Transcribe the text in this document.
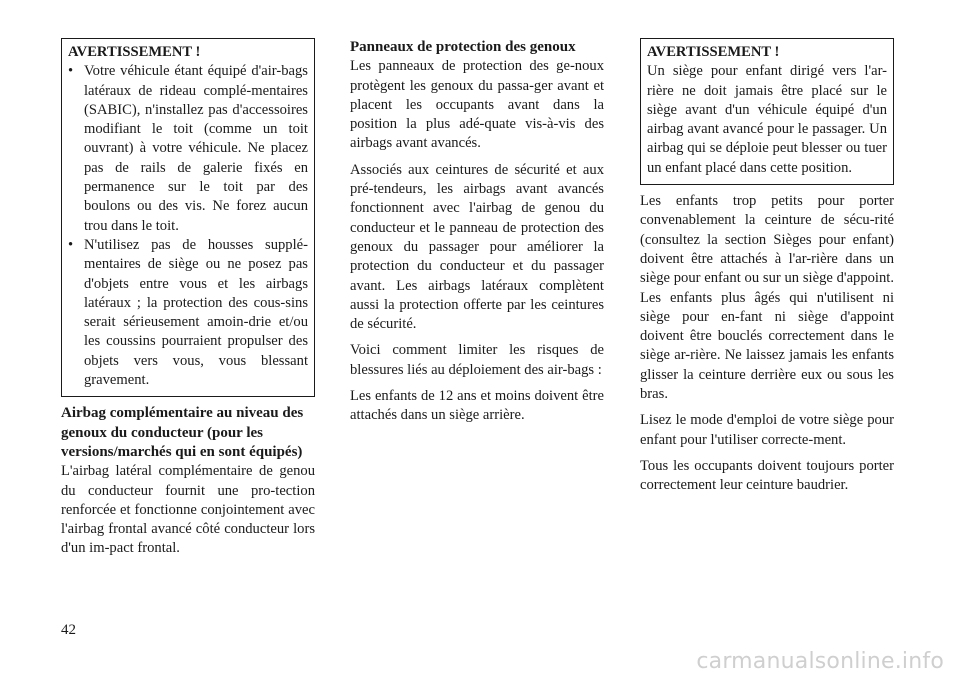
AVERTISSEMENT !
• Votre véhicule étant équipé d'air-bags latéraux de rideau complé-mentaires (SABIC), n'installez pas d'accessoires modifiant le toit (comme un toit ouvrant) à votre véhicule. Ne placez pas de rails de galerie fixés en permanence sur le toit par des boulons ou des vis. Ne forez aucun trou dans le toit.
• N'utilisez pas de housses supplé-mentaires de siège ou ne posez pas d'objets entre vous et les airbags latéraux ; la protection des cous-sins serait sérieusement amoin-drie et/ou les coussins pourraient propulser des objets vers vous, vous blessant gravement.

Airbag complémentaire au niveau des genoux du conducteur (pour les versions/marchés qui en sont équipés)

L'airbag latéral complémentaire de genou du conducteur fournit une pro-tection renforcée et fonctionne conjointement avec l'airbag frontal avancé côté conducteur lors d'un im-pact frontal.

Panneaux de protection des genoux

Les panneaux de protection des ge-noux protègent les genoux du passa-ger avant et placent les occupants avant dans la position la plus adé-quate vis-à-vis des airbags avant avancés.

Associés aux ceintures de sécurité et aux pré-tendeurs, les airbags avant avancés fonctionnent avec l'airbag de genou du conducteur et le panneau de protection des genoux du passager pour améliorer la protection du conducteur et du passager avant. Les airbags latéraux complètent aussi la protection offerte par les ceintures de sécurité.

Voici comment limiter les risques de blessures liés au déploiement des air-bags :

Les enfants de 12 ans et moins doivent être attachés dans un siège arrière.

AVERTISSEMENT !
Un siège pour enfant dirigé vers l'ar-rière ne doit jamais être placé sur le siège avant d'un véhicule équipé d'un airbag avant avancé pour le passager. Un airbag qui se déploie peut blesser ou tuer un enfant placé dans cette position.

Les enfants trop petits pour porter convenablement la ceinture de sécu-rité (consultez la section Sièges pour enfant) doivent être attachés à l'ar-rière dans un siège pour enfant ou sur un siège d'appoint. Les enfants plus âgés qui n'utilisent ni siège pour en-fant ni siège d'appoint doivent être bouclés correctement dans le siège ar-rière. Ne laissez jamais les enfants glisser la ceinture derrière eux ou sous les bras.

Lisez le mode d'emploi de votre siège pour enfant pour l'utiliser correcte-ment.

Tous les occupants doivent toujours porter correctement leur ceinture baudrier.

42
carmanualsonline.info
